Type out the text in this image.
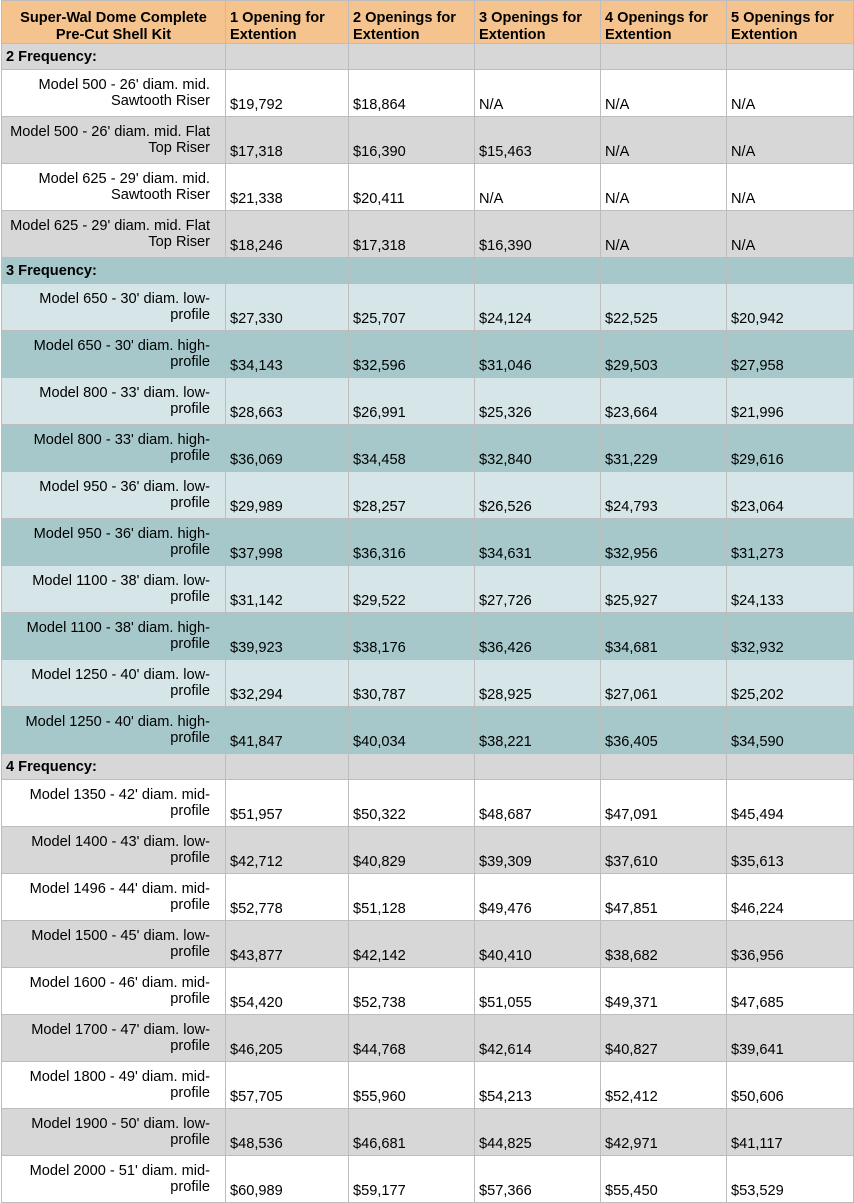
Super-Wal Dome Complete Pre-Cut Shell Kit	1 Opening for Extention	2 Openings for Extention	3 Openings for Extention	4 Openings for Extention	5 Openings for Extention
2 Frequency:					
Model 500 - 26' diam. mid. Sawtooth Riser	$19,792	$18,864	N/A	N/A	N/A
Model 500 - 26' diam. mid. Flat Top Riser	$17,318	$16,390	$15,463	N/A	N/A
Model 625 - 29' diam. mid. Sawtooth Riser	$21,338	$20,411	N/A	N/A	N/A
Model 625 - 29' diam. mid. Flat Top Riser	$18,246	$17,318	$16,390	N/A	N/A
3 Frequency:					
Model 650 - 30' diam. low-profile	$27,330	$25,707	$24,124	$22,525	$20,942
Model 650 - 30' diam. high-profile	$34,143	$32,596	$31,046	$29,503	$27,958
Model 800 - 33' diam. low-profile	$28,663	$26,991	$25,326	$23,664	$21,996
Model 800 - 33' diam. high-profile	$36,069	$34,458	$32,840	$31,229	$29,616
Model 950 - 36' diam. low-profile	$29,989	$28,257	$26,526	$24,793	$23,064
Model 950 - 36' diam. high-profile	$37,998	$36,316	$34,631	$32,956	$31,273
Model 1100 - 38' diam. low-profile	$31,142	$29,522	$27,726	$25,927	$24,133
Model 1100 - 38' diam. high-profile	$39,923	$38,176	$36,426	$34,681	$32,932
Model 1250 - 40' diam. low-profile	$32,294	$30,787	$28,925	$27,061	$25,202
Model 1250 - 40' diam. high-profile	$41,847	$40,034	$38,221	$36,405	$34,590
4 Frequency:					
Model 1350 - 42' diam. mid-profile	$51,957	$50,322	$48,687	$47,091	$45,494
Model 1400 - 43' diam. low-profile	$42,712	$40,829	$39,309	$37,610	$35,613
Model 1496 - 44' diam. mid-profile	$52,778	$51,128	$49,476	$47,851	$46,224
Model 1500 - 45' diam. low-profile	$43,877	$42,142	$40,410	$38,682	$36,956
Model 1600 - 46' diam. mid-profile	$54,420	$52,738	$51,055	$49,371	$47,685
Model 1700 - 47' diam. low-profile	$46,205	$44,768	$42,614	$40,827	$39,641
Model 1800 - 49' diam. mid-profile	$57,705	$55,960	$54,213	$52,412	$50,606
Model 1900 - 50' diam. low-profile	$48,536	$46,681	$44,825	$42,971	$41,117
Model 2000 - 51' diam. mid-profile	$60,989	$59,177	$57,366	$55,450	$53,529
